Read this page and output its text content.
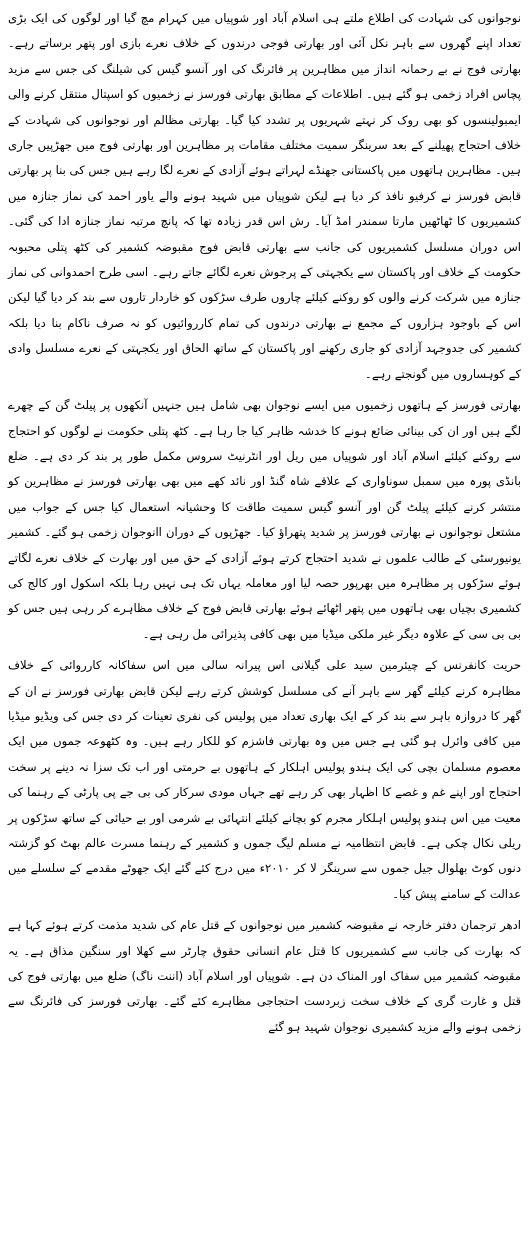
نوجوانوں کی شہادت کی اطلاع ملتے ہی اسلام آباد اور شوپیاں میں کہرام مچ گیا اور لوگوں کی ایک بڑی تعداد اپنے گھروں سے باہر نکل آئی اور بھارتی فوجی درندوں کے خلاف نعرے بازی اور پتھر برساتے رہے۔ بھارتی فوج نے بے رحمانہ انداز میں مظاہرین پر فائرنگ کی اور آنسو گیس کی شیلنگ کی جس سے مزید پچاس افراد زخمی ہو گئے ہیں۔ اطلاعات کے مطابق بھارتی فورسز نے زخمیوں کو اسپتال منتقل کرنے والی ایمبولینسوں کو بھی روک کر نہتے شہریوں پر تشدد کیا گیا۔ بھارتی مظالم اور نوجوانوں کی شہادت کے خلاف احتجاج پھیلنے کے بعد سرینگر سمیت مختلف مقامات پر مظاہرین اور بھارتی فوج میں جھڑپیں جاری ہیں۔ مظاہرین ہاتھوں میں پاکستانی جھنڈے لہراتے ہوئے آزادی کے نعرے لگا رہے ہیں جس کی بنا پر بھارتی قابض فورسز نے کرفیو نافذ کر دیا ہے لیکن شوپیاں میں شہید ہونے والے یاور احمد کی نماز جنازہ میں کشمیریوں کا ٹھاٹھیں مارتا سمندر امڈ آیا۔ رش اس قدر زیادہ تھا کہ پانچ مرتبہ نماز جنازہ ادا کی گئی۔ اس دوران مسلسل کشمیریوں کی جانب سے بھارتی قابض فوج مقبوضہ کشمیر کی کٹھ پتلی محبوبہ حکومت کے خلاف اور پاکستان سے یکجہتی کے پرجوش نعرے لگائے جاتے رہے۔ اسی طرح احمدوانی کی نماز جنازہ میں شرکت کرنے والوں کو روکنے کیلئے چاروں طرف سڑکوں کو خاردار تاروں سے بند کر دیا گیا لیکن اس کے باوجود ہزاروں کے مجمع نے بھارتی درندوں کی تمام کارروائیوں کو نہ صرف ناکام بنا دیا بلکہ کشمیر کی جدوجہد آزادی کو جاری رکھنے اور پاکستان کے ساتھ الحاق اور یکجہتی کے نعرے مسلسل وادی کے کوہساروں میں گونجتے رہے۔

بھارتی فورسز کے ہاتھوں زخمیوں میں ایسے نوجوان بھی شامل ہیں جنہیں آنکھوں پر پیلٹ گن کے چھرے لگے ہیں اور ان کی بینائی ضائع ہونے کا خدشہ ظاہر کیا جا رہا ہے۔ کٹھ پتلی حکومت نے لوگوں کو احتجاج سے روکنے کیلئے اسلام آباد اور شوپیاں میں ریل اور انٹرنیٹ سروس مکمل طور پر بند کر دی ہے۔ ضلع بانڈی پورہ میں سمبل سوناواری کے علاقے شاہ گنڈ اور نائد کھے میں بھی بھارتی فورسز نے مظاہرین کو منتشر کرنے کیلئے پیلٹ گن اور آنسو گیس سمیت طاقت کا وحشیانہ استعمال کیا جس کے جواب میں مشتعل نوجوانوں نے بھارتی فورسز پر شدید پتھراؤ کیا۔ جھڑپوں کے دوران اانوجوان زخمی ہو گئے۔ کشمیر یونیورسٹی کے طالب علموں نے شدید احتجاج کرتے ہوئے آزادی کے حق میں اور بھارت کے خلاف نعرے لگاتے ہوئے سڑکوں پر مظاہرہ میں بھرپور حصہ لیا اور معاملہ یہاں تک ہی نہیں رہا بلکہ اسکول اور کالج کی کشمیری بچیاں بھی ہاتھوں میں پتھر اٹھائے ہوئے بھارتی قابض فوج کے خلاف مظاہرے کر رہی ہیں جس کو بی بی سی کے علاوہ دیگر غیر ملکی میڈیا میں بھی کافی پذیرائی مل رہی ہے۔

حریت کانفرنس کے چیئرمین سید علی گیلانی اس پیرانہ سالی میں اس سفاکانہ کارروائی کے خلاف مظاہرہ کرنے کیلئے گھر سے باہر آنے کی مسلسل کوشش کرتے رہے لیکن قابض بھارتی فورسز نے ان کے گھر کا دروازہ باہر سے بند کر کے ایک بھاری تعداد میں پولیس کی نفری تعینات کر دی جس کی ویڈیو میڈیا میں کافی وائرل ہو گئی ہے جس میں وہ بھارتی فاشزم کو للکار رہے ہیں۔ وہ کٹھوعہ جموں میں ایک معصوم مسلمان بچی کی ایک ہندو پولیس اہلکار کے ہاتھوں بے حرمتی اور اب تک سزا نہ دینے پر سخت احتجاج اور اپنے غم و غصے کا اظہار بھی کر رہے تھے جہاں مودی سرکار کی بی جے پی پارٹی کے رہنما کی معیت میں اس ہندو پولیس اہلکار مجرم کو بچانے کیلئے انتہائی بے شرمی اور بے حیائی کے ساتھ سڑکوں پر ریلی نکال چکی ہے۔ قابض انتظامیہ نے مسلم لیگ جموں و کشمیر کے رہنما مسرت عالم بھٹ کو گزشتہ دنوں کوٹ بھلوال جیل جموں سے سرینگر لا کر ۲۰۱۰ء میں درج کئے گئے ایک جھوٹے مقدمے کے سلسلے میں عدالت کے سامنے پیش کیا۔

ادھر ترجمان دفتر خارجہ نے مقبوضہ کشمیر میں نوجوانوں کے قتل عام کی شدید مذمت کرتے ہوئے کہا ہے کہ بھارت کی جانب سے کشمیریوں کا قتل عام انسانی حقوق چارٹر سے کھلا اور سنگین مذاق ہے۔ یہ مقبوضہ کشمیر میں سفاک اور المناک دن ہے۔ شوپیاں اور اسلام آباد (اننت ناگ) ضلع میں بھارتی فوج کی قتل و غارت گری کے خلاف سخت زبردست احتجاجی مظاہرے کئے گئے۔ بھارتی فورسز کی فائرنگ سے زخمی ہونے والے مزید کشمیری نوجوان شہید ہو گئے
